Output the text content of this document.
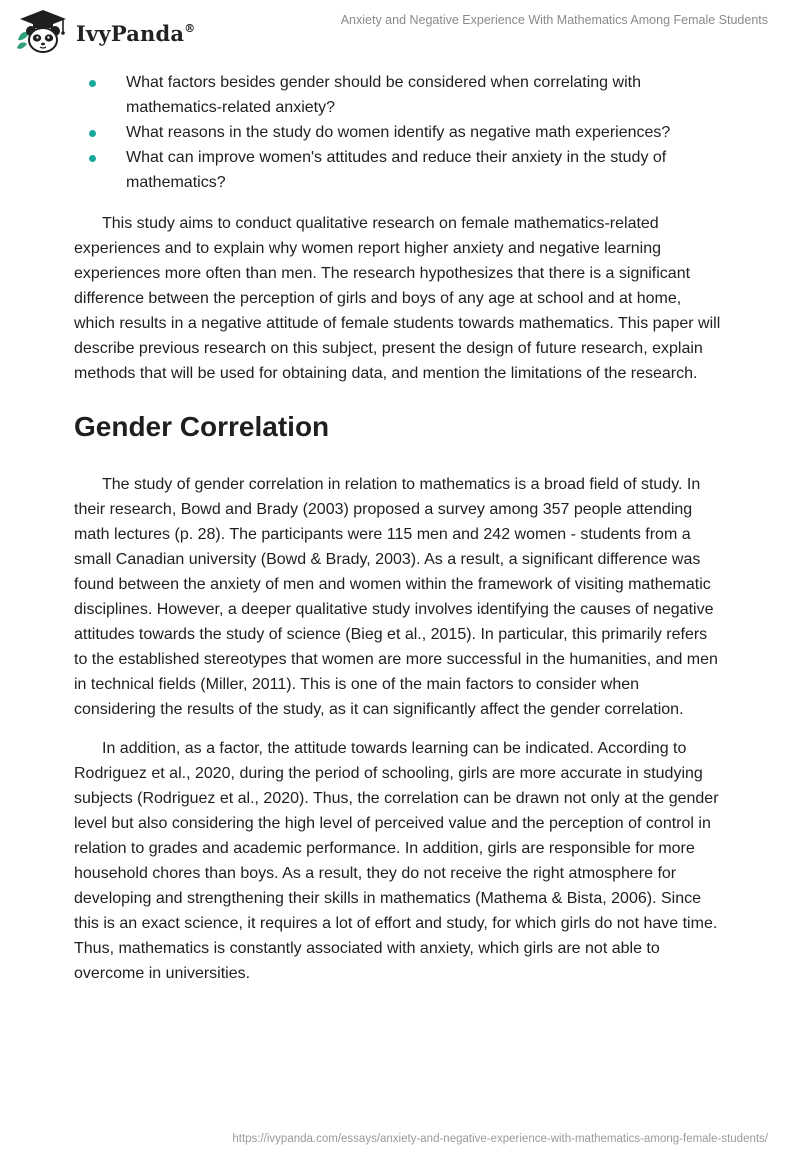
IvyPanda®
Anxiety and Negative Experience With Mathematics Among Female Students
What factors besides gender should be considered when correlating with mathematics-related anxiety?
What reasons in the study do women identify as negative math experiences?
What can improve women's attitudes and reduce their anxiety in the study of mathematics?

This study aims to conduct qualitative research on female mathematics-related experiences and to explain why women report higher anxiety and negative learning experiences more often than men. The research hypothesizes that there is a significant difference between the perception of girls and boys of any age at school and at home, which results in a negative attitude of female students towards mathematics. This paper will describe previous research on this subject, present the design of future research, explain methods that will be used for obtaining data, and mention the limitations of the research.

Gender Correlation

The study of gender correlation in relation to mathematics is a broad field of study. In their research, Bowd and Brady (2003) proposed a survey among 357 people attending math lectures (p. 28). The participants were 115 men and 242 women - students from a small Canadian university (Bowd & Brady, 2003). As a result, a significant difference was found between the anxiety of men and women within the framework of visiting mathematic disciplines. However, a deeper qualitative study involves identifying the causes of negative attitudes towards the study of science (Bieg et al., 2015). In particular, this primarily refers to the established stereotypes that women are more successful in the humanities, and men in technical fields (Miller, 2011). This is one of the main factors to consider when considering the results of the study, as it can significantly affect the gender correlation.

In addition, as a factor, the attitude towards learning can be indicated. According to Rodriguez et al., 2020, during the period of schooling, girls are more accurate in studying subjects (Rodriguez et al., 2020). Thus, the correlation can be drawn not only at the gender level but also considering the high level of perceived value and the perception of control in relation to grades and academic performance. In addition, girls are responsible for more household chores than boys. As a result, they do not receive the right atmosphere for developing and strengthening their skills in mathematics (Mathema & Bista, 2006). Since this is an exact science, it requires a lot of effort and study, for which girls do not have time. Thus, mathematics is constantly associated with anxiety, which girls are not able to overcome in universities.

https://ivypanda.com/essays/anxiety-and-negative-experience-with-mathematics-among-female-students/
